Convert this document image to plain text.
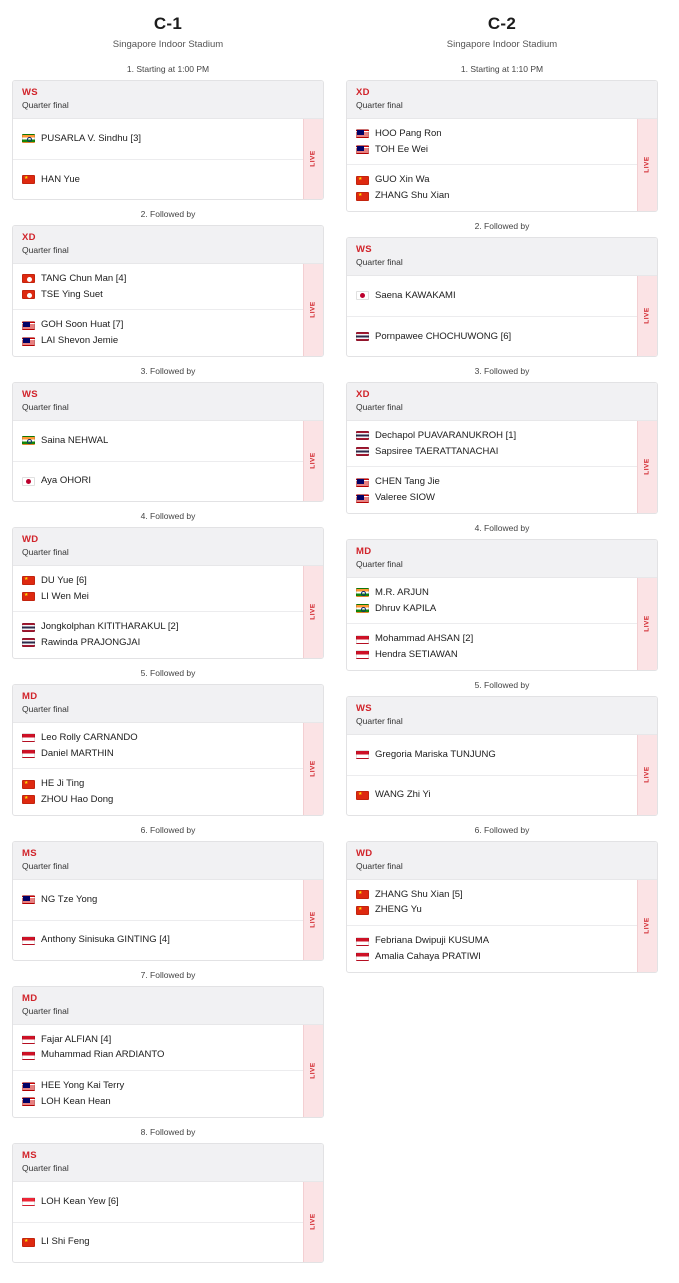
C-1
Singapore Indoor Stadium
1. Starting at 1:00 PM
WS
Quarter final
PUSARLA V. Sindhu [3]
★
HAN Yue
LIVE
2. Followed by
XD
Quarter final
TANG Chun Man [4]
TSE Ying Suet
GOH Soon Huat [7]
LAI Shevon Jemie
LIVE
3. Followed by
WS
Quarter final
Saina NEHWAL
Aya OHORI
LIVE
4. Followed by
WD
Quarter final
★
DU Yue [6]
★
LI Wen Mei
Jongkolphan KITITHARAKUL [2]
Rawinda PRAJONGJAI
LIVE
5. Followed by
MD
Quarter final
Leo Rolly CARNANDO
Daniel MARTHIN
★
HE Ji Ting
★
ZHOU Hao Dong
LIVE
6. Followed by
MS
Quarter final
NG Tze Yong
Anthony Sinisuka GINTING [4]
LIVE
7. Followed by
MD
Quarter final
Fajar ALFIAN [4]
Muhammad Rian ARDIANTO
HEE Yong Kai Terry
LOH Kean Hean
LIVE
8. Followed by
MS
Quarter final
LOH Kean Yew [6]
★
LI Shi Feng
LIVE
C-2
Singapore Indoor Stadium
1. Starting at 1:10 PM
XD
Quarter final
HOO Pang Ron
TOH Ee Wei
★
GUO Xin Wa
★
ZHANG Shu Xian
LIVE
2. Followed by
WS
Quarter final
Saena KAWAKAMI
Pornpawee CHOCHUWONG [6]
LIVE
3. Followed by
XD
Quarter final
Dechapol PUAVARANUKROH [1]
Sapsiree TAERATTANACHAI
CHEN Tang Jie
Valeree SIOW
LIVE
4. Followed by
MD
Quarter final
M.R. ARJUN
Dhruv KAPILA
Mohammad AHSAN [2]
Hendra SETIAWAN
LIVE
5. Followed by
WS
Quarter final
Gregoria Mariska TUNJUNG
★
WANG Zhi Yi
LIVE
6. Followed by
WD
Quarter final
★
ZHANG Shu Xian [5]
★
ZHENG Yu
Febriana Dwipuji KUSUMA
Amalia Cahaya PRATIWI
LIVE
